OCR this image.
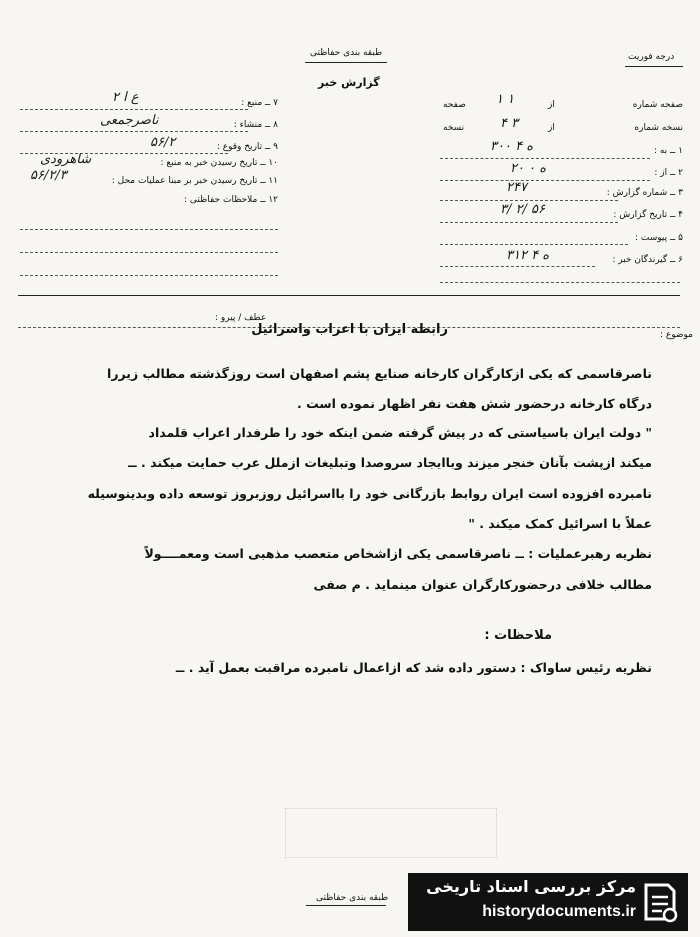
طبقه بندی حفاظتی	درجه فوریت
گزارش خبر
۷ ــ منبع :
ع ا ۲
۸ ــ منشاء :
ناصرجمعی
۹ ــ تاریخ وقوع :
۵۶/۲
۱۰ ــ تاریخ رسیدن خبر به منبع :
شاهرودی
۱۱ ــ تاریخ رسیدن خبر بر مبنا عملیات محل :
۵۶/۲/۳
۱۲ ــ ملاحظات حفاظتی :
صفحه شماره
از
صفحه ۱ ۱
نسخه شماره
از
نسخه	۴ ۳
۱ ــ به :
۳۰۰ ه ۴
۲ ــ از :
۲۰ ه ۰
۳ ــ شماره گزارش :
۲۴۷
۴ ــ تاریخ گزارش :
۳/ ۲/ ۵۶
۵ ــ پیوست :
۶ ــ گیرندگان خبر :
۳۱۲ ه ۴
عطف / پیرو :
موضوع :
رابطه ایران با اعراب واسرائیل
ناصرقاسمی که یکی ازکارگران کارخانه صنایع پشم اصفهان است روزگذشته مطالب زیررا
درگاه کارخانه درحضور شش هفت نفر اظهار نموده است .
" دولت ایران باسیاستی که در پیش گرفته ضمن اینکه خود را طرفدار اعراب قلمداد
میکند ازپشت بآنان خنجر میزند وباایجاد سروصدا وتبلیغات ازملل عرب حمایت میکند . ــ
نامبرده افزوده است ایران روابط بازرگانی خود را بااسرائیل روزبروز توسعه داده وبدینوسیله
عملاً با اسرائیل کمک میکند . "
نظریه رهبرعملیات : ــ ناصرقاسمی یکی ازاشخاص متعصب مذهبی است ومعمــــولاً
مطالب خلافی درحضورکارگران عنوان مینماید . م صفی
ملاحظات :
نظریه رئیس ساواک : دستور داده شد که ازاعمال نامبرده مراقبت بعمل آید . ــ
طبقه بندی حفاظتی
مرکز بررسی اسناد تاریخی
historydocuments.ir
